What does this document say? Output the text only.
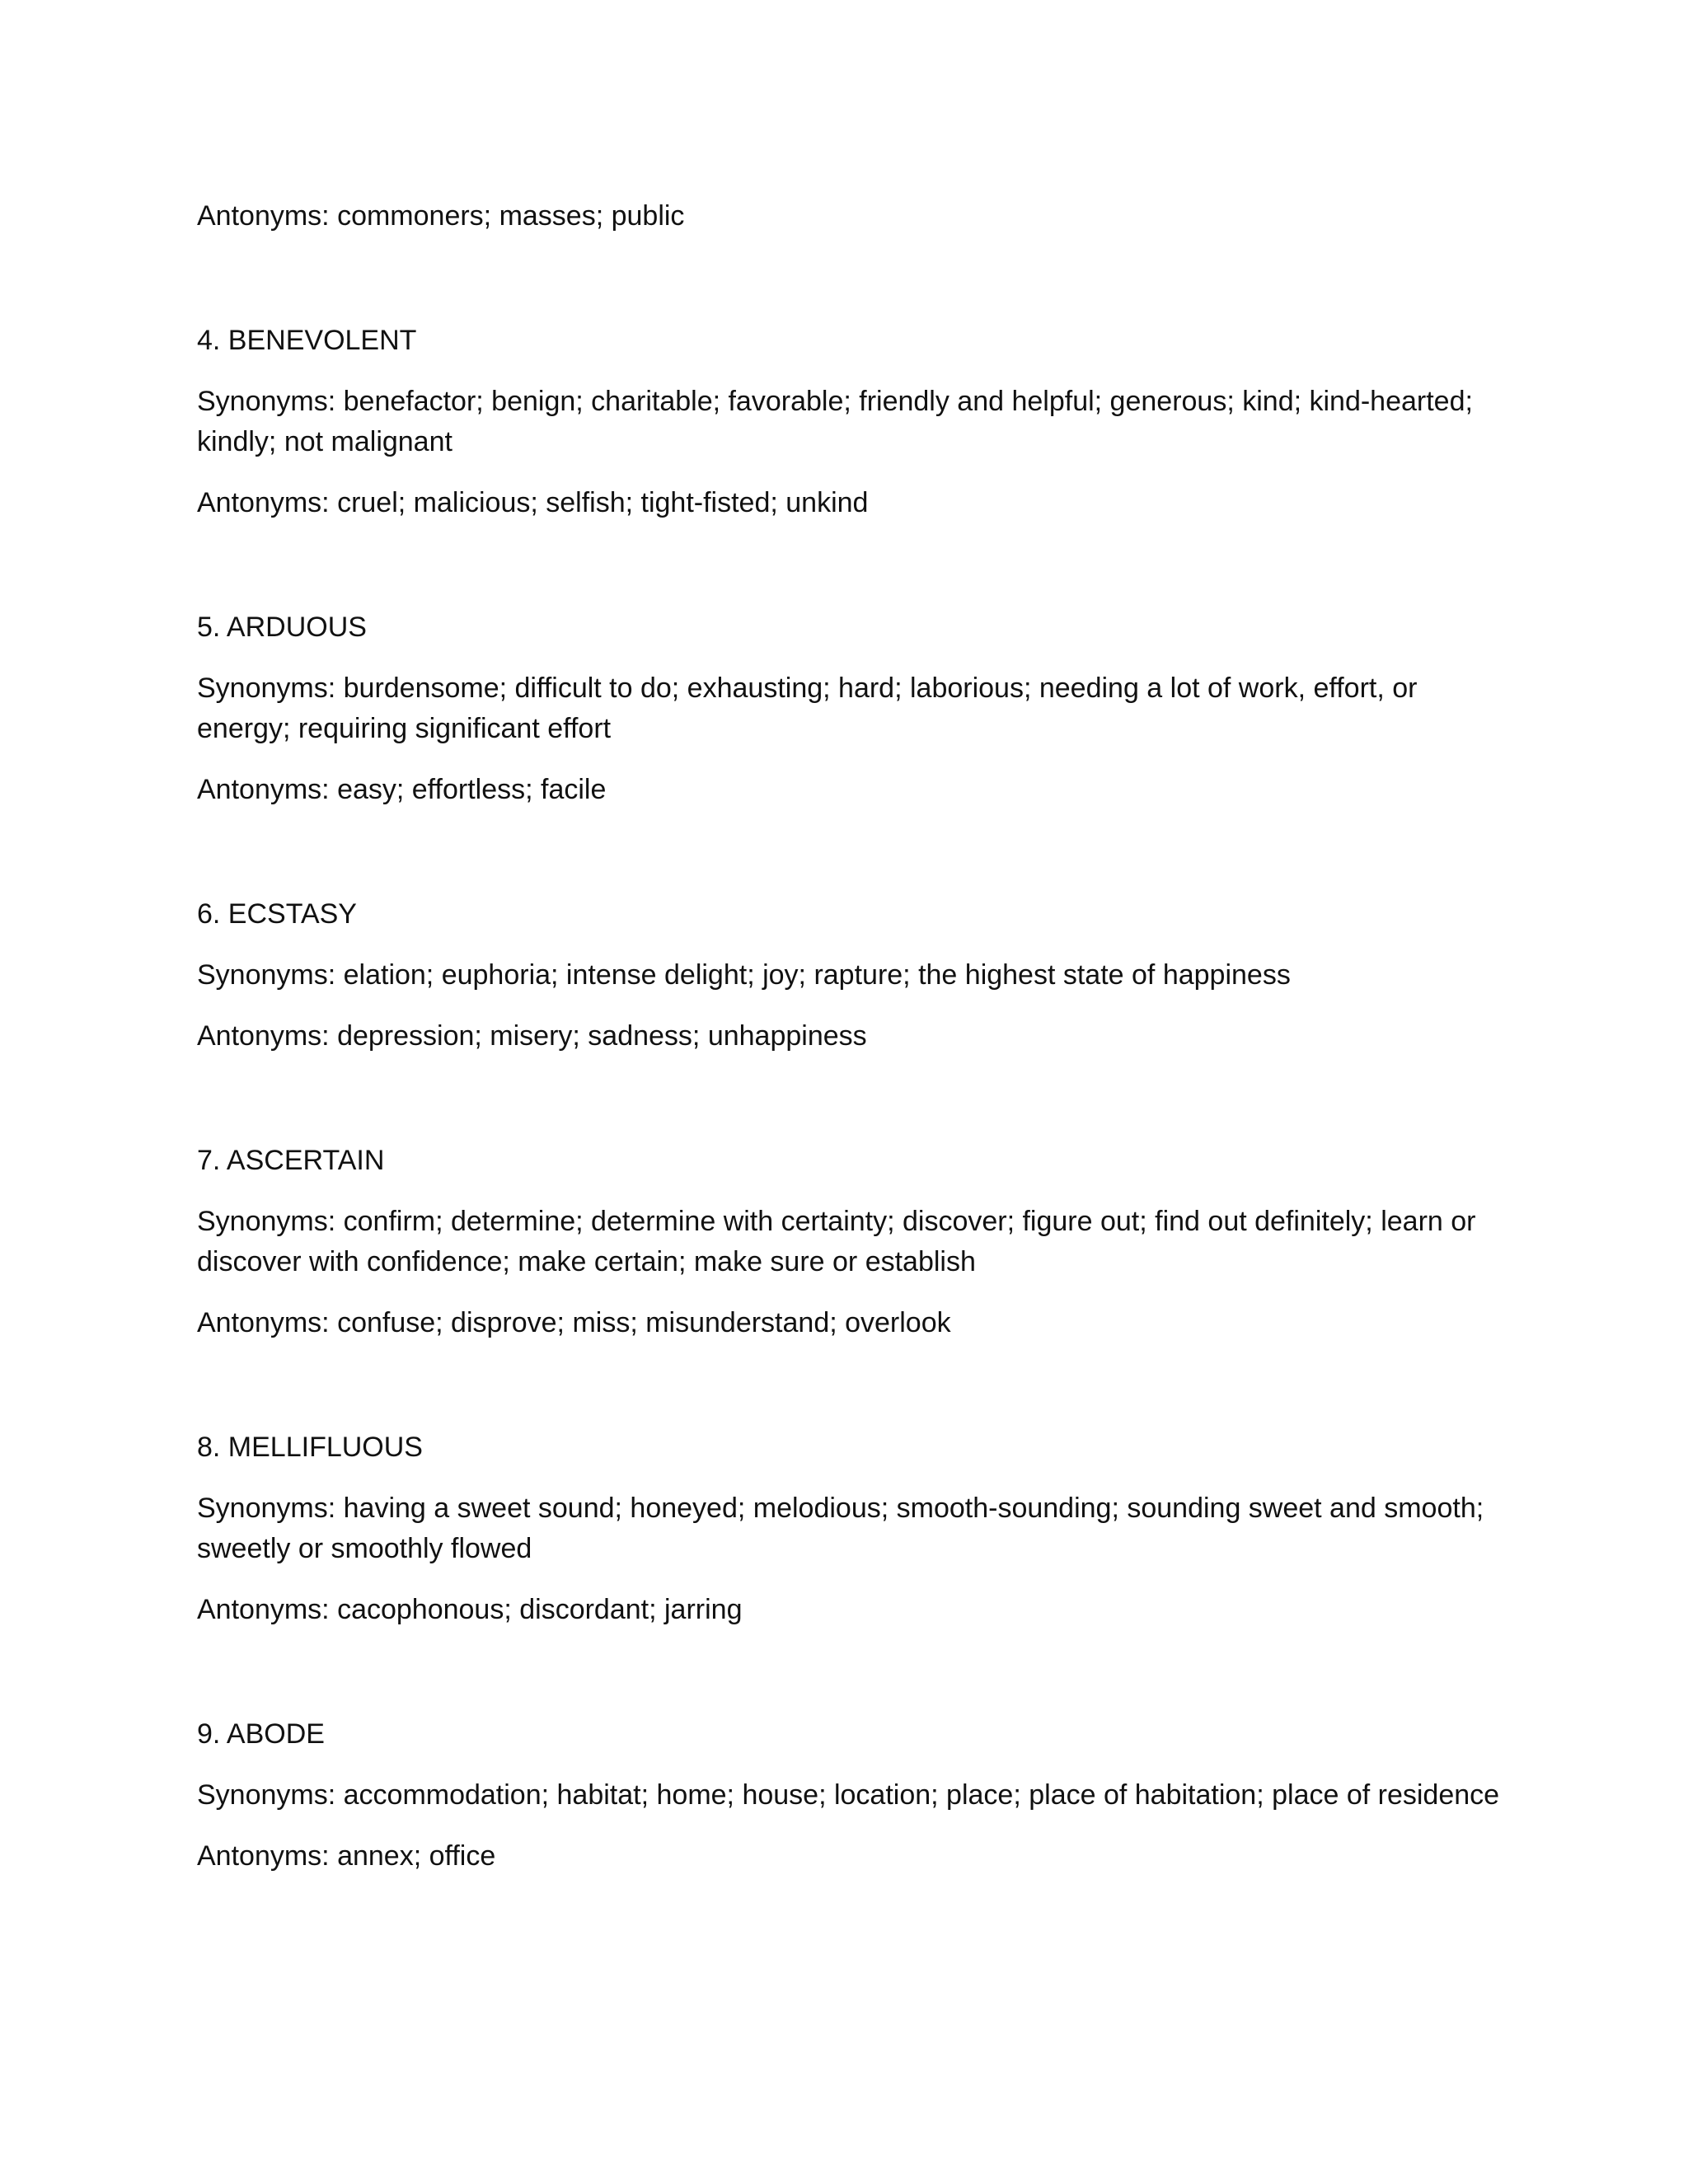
Antonyms: commoners; masses; public

4. BENEVOLENT

Synonyms: benefactor; benign; charitable; favorable; friendly and helpful; generous; kind; kind-hearted; kindly; not malignant

Antonyms: cruel; malicious; selfish; tight-fisted; unkind

5. ARDUOUS

Synonyms: burdensome; difficult to do; exhausting; hard; laborious; needing a lot of work, effort, or energy; requiring significant effort

Antonyms: easy; effortless; facile

6. ECSTASY

Synonyms: elation; euphoria; intense delight; joy; rapture; the highest state of happiness

Antonyms: depression; misery; sadness; unhappiness

7. ASCERTAIN

Synonyms: confirm; determine; determine with certainty; discover; figure out; find out definitely; learn or discover with confidence; make certain; make sure or establish

Antonyms: confuse; disprove; miss; misunderstand; overlook

8. MELLIFLUOUS

Synonyms: having a sweet sound; honeyed; melodious; smooth-sounding; sounding sweet and smooth; sweetly or smoothly flowed

Antonyms: cacophonous; discordant; jarring

9. ABODE

Synonyms: accommodation; habitat; home; house; location; place; place of habitation; place of residence

Antonyms: annex; office
